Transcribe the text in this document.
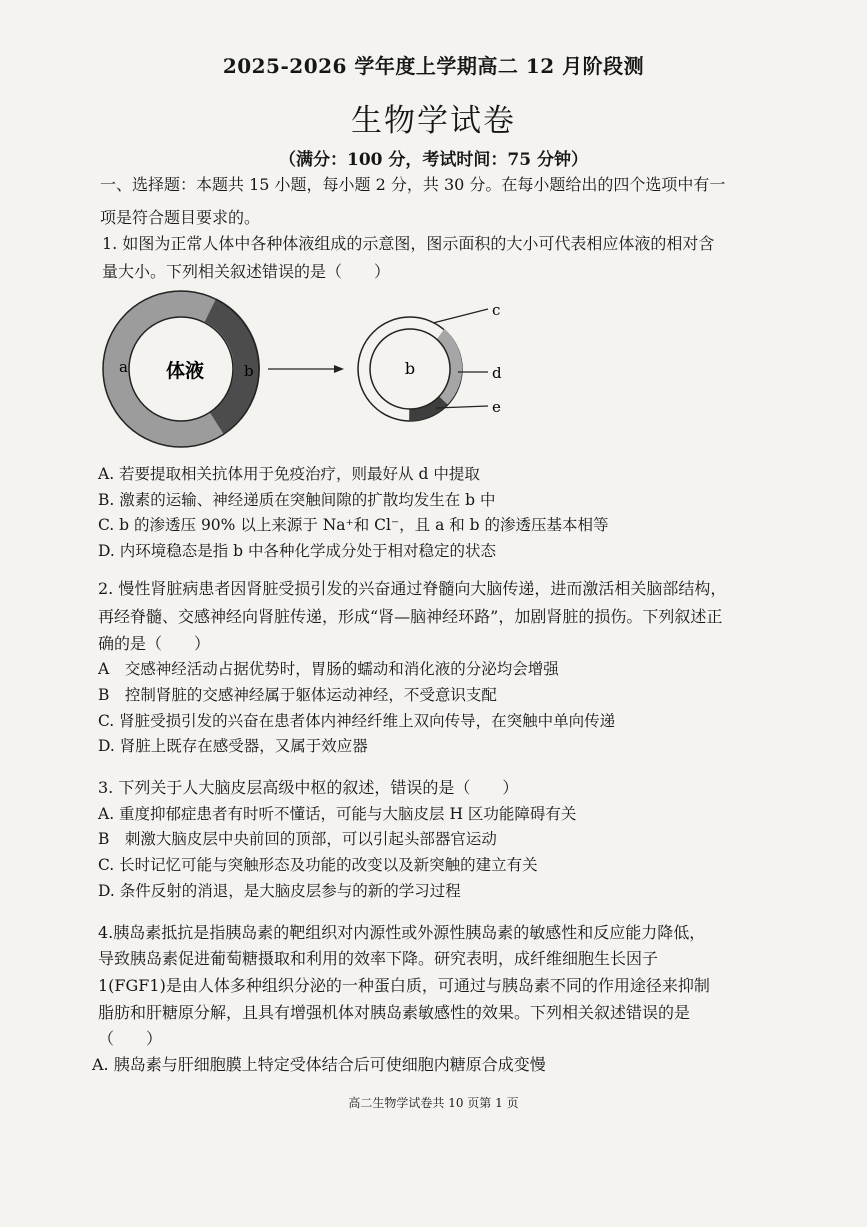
2025-2026 学年度上学期高二 12 月阶段测
生物学试卷
（满分：100 分，考试时间：75 分钟）
一、选择题：本题共 15 小题，每小题 2 分，共 30 分。在每小题给出的四个选项中有一
项是符合题目要求的。
1. 如图为正常人体中各种体液组成的示意图，图示面积的大小可代表相应体液的相对含
量大小。下列相关叙述错误的是（　　）
体液
a	b	b
c
d
e
A. 若要提取相关抗体用于免疫治疗，则最好从 d 中提取
B. 激素的运输、神经递质在突触间隙的扩散均发生在 b 中
C. b 的渗透压 90% 以上来源于 Na⁺和 Cl⁻，且 a 和 b 的渗透压基本相等
D. 内环境稳态是指 b 中各种化学成分处于相对稳定的状态
2. 慢性肾脏病患者因肾脏受损引发的兴奋通过脊髓向大脑传递，进而激活相关脑部结构，
再经脊髓、交感神经向肾脏传递，形成“肾—脑神经环路”，加剧肾脏的损伤。下列叙述正
确的是（　　）
A　交感神经活动占据优势时，胃肠的蠕动和消化液的分泌均会增强
B　控制肾脏的交感神经属于躯体运动神经，不受意识支配
C. 肾脏受损引发的兴奋在患者体内神经纤维上双向传导，在突触中单向传递
D. 肾脏上既存在感受器，又属于效应器
3. 下列关于人大脑皮层高级中枢的叙述，错误的是（　　）
A. 重度抑郁症患者有时听不懂话，可能与大脑皮层 H 区功能障碍有关
B　刺激大脑皮层中央前回的顶部，可以引起头部器官运动
C. 长时记忆可能与突触形态及功能的改变以及新突触的建立有关
D. 条件反射的消退，是大脑皮层参与的新的学习过程
4.胰岛素抵抗是指胰岛素的靶组织对内源性或外源性胰岛素的敏感性和反应能力降低，
导致胰岛素促进葡萄糖摄取和利用的效率下降。研究表明，成纤维细胞生长因子
1(FGF1)是由人体多种组织分泌的一种蛋白质，可通过与胰岛素不同的作用途径来抑制
脂肪和肝糖原分解，且具有增强机体对胰岛素敏感性的效果。下列相关叙述错误的是
（　　）
A. 胰岛素与肝细胞膜上特定受体结合后可使细胞内糖原合成变慢
高二生物学试卷共 10 页第 1 页
